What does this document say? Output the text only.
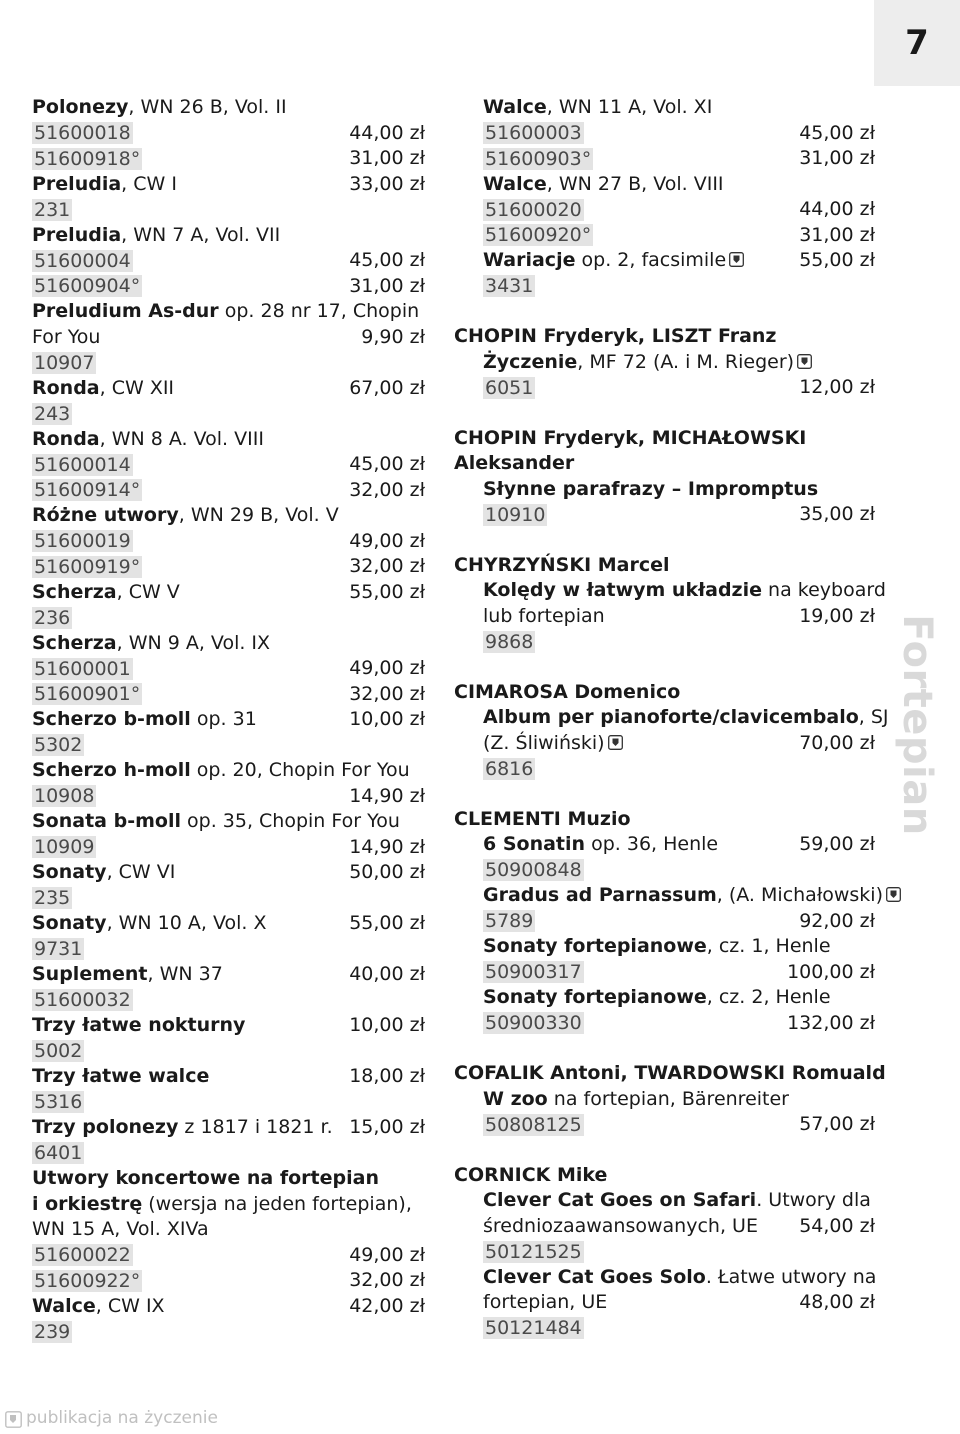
7
Fortepian
Polonezy, WN 26 B, Vol. II
51600018	44,00 zł
51600918°	31,00 zł
Preludia, CW I	33,00 zł
231
Preludia, WN 7 A, Vol. VII
51600004	45,00 zł
51600904°	31,00 zł
Preludium As-dur op. 28 nr 17, Chopin
For You	9,90 zł
10907
Ronda, CW XII	67,00 zł
243
Ronda, WN 8 A. Vol. VIII
51600014	45,00 zł
51600914°	32,00 zł
Różne utwory, WN 29 B, Vol. V
51600019	49,00 zł
51600919°	32,00 zł
Scherza, CW V	55,00 zł
236
Scherza, WN 9 A, Vol. IX
51600001	49,00 zł
51600901°	32,00 zł
Scherzo b-moll op. 31	10,00 zł
5302
Scherzo h-moll op. 20, Chopin For You
10908	14,90 zł
Sonata b-moll op. 35, Chopin For You
10909	14,90 zł
Sonaty, CW VI	50,00 zł
235
Sonaty, WN 10 A, Vol. X	55,00 zł
9731
Suplement, WN 37	40,00 zł
51600032
Trzy łatwe nokturny	10,00 zł
5002
Trzy łatwe walce	18,00 zł
5316
Trzy polonezy z 1817 i 1821 r. 15,00 zł
6401
Utwory koncertowe na fortepian
i orkiestrę (wersja na jeden fortepian),
WN 15 A, Vol. XIVa
51600022	49,00 zł
51600922°	32,00 zł
Walce, CW IX	42,00 zł
239
Walce, WN 11 A, Vol. XI
51600003	45,00 zł
51600903°	31,00 zł
Walce, WN 27 B, Vol. VIII
51600020	44,00 zł
51600920°	31,00 zł
Wariacje op. 2, facsimile	55,00 zł
3431
CHOPIN Fryderyk, LISZT Franz
Życzenie, MF 72 (A. i M. Rieger)
6051	12,00 zł
CHOPIN Fryderyk, MICHAŁOWSKI
Aleksander
Słynne parafrazy – Impromptus
10910	35,00 zł
CHYRZYŃSKI Marcel
Kolędy w łatwym układzie na keyboard
lub fortepian	19,00 zł
9868
CIMAROSA Domenico
Album per pianoforte/clavicembalo, SJ
(Z. Śliwiński)	70,00 zł
6816
CLEMENTI Muzio
6 Sonatin op. 36, Henle	59,00 zł
50900848
Gradus ad Parnassum, (A. Michałowski)
5789	92,00 zł
Sonaty fortepianowe, cz. 1, Henle
50900317	100,00 zł
Sonaty fortepianowe, cz. 2, Henle
50900330	132,00 zł
COFALIK Antoni, TWARDOWSKI Romuald
W zoo na fortepian, Bärenreiter
50808125	57,00 zł
CORNICK Mike
Clever Cat Goes on Safari. Utwory dla
średniozaawansowanych, UE 54,00 zł
50121525
Clever Cat Goes Solo. Łatwe utwory na
fortepian, UE	48,00 zł
50121484
publikacja na życzenie
